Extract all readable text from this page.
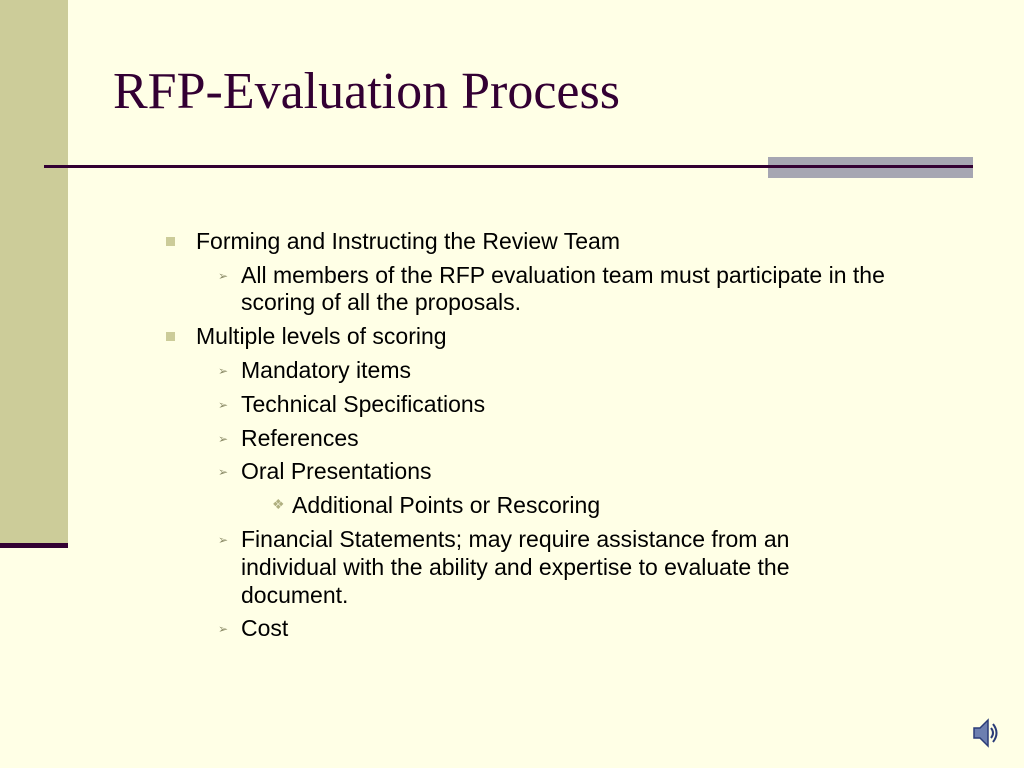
RFP-Evaluation Process
Forming and Instructing the Review Team
➢ All members of the RFP evaluation team must participate in the
scoring of all the proposals.
Multiple levels of scoring
➢ Mandatory items
➢ Technical Specifications
➢ References
➢ Oral Presentations
❖ Additional Points or Rescoring
➢ Financial Statements; may require assistance from an
individual with the ability and expertise to evaluate the
document.
➢ Cost
